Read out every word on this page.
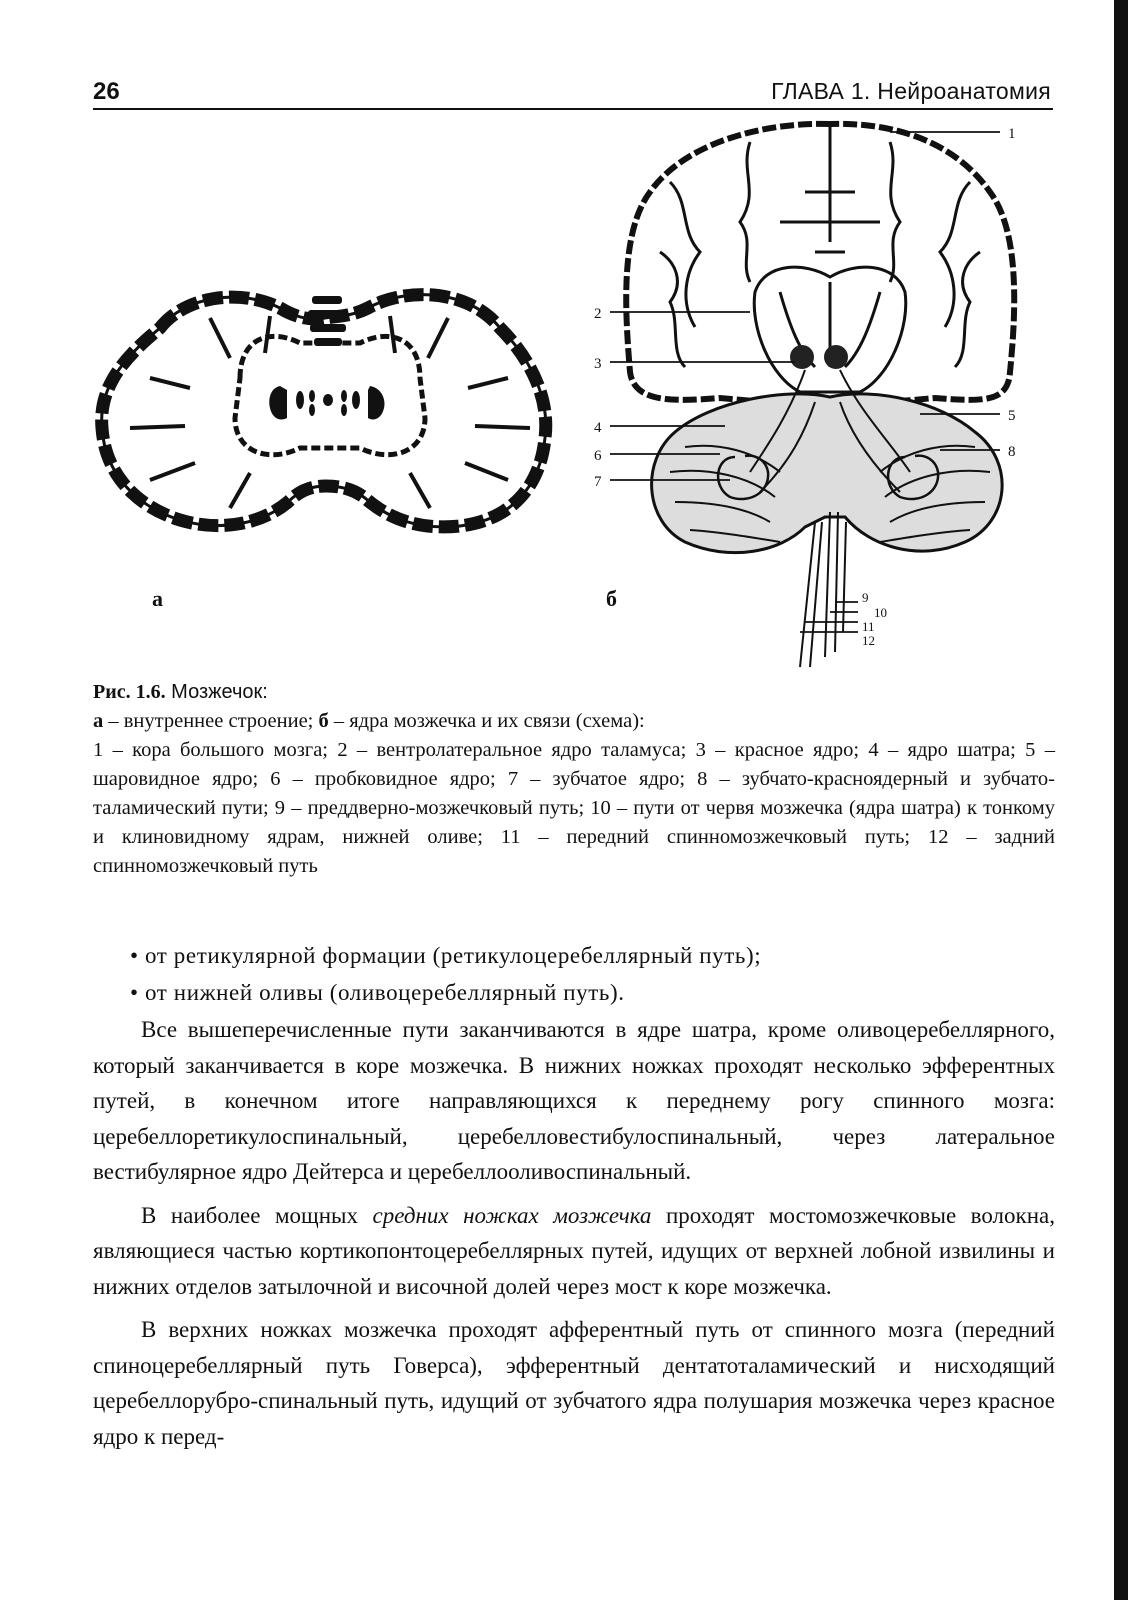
26	ГЛАВА 1. Нейроанатомия
а
1
2
3
4
5
6
7
8
9
10
11
12
б

Рис. 1.6. Мозжечок:

а – внутреннее строение; б – ядра мозжечка и их связи (схема):

1 – кора большого мозга; 2 – вентролатеральное ядро таламуса; 3 – красное ядро; 4 – ядро шатра; 5 – шаровидное ядро; 6 – пробковидное ядро; 7 – зубчатое ядро; 8 – зубчато-красноядерный и зубчато-таламический пути; 9 – преддверно-мозжечковый путь; 10 – пути от червя мозжечка (ядра шатра) к тонкому и клиновидному ядрам, нижней оливе; 11 – передний спинномозжечковый путь; 12 – задний спинномозжечковый путь

• от ретикулярной формации (ретикулоцеребеллярный путь);
• от нижней оливы (оливоцеребеллярный путь).

Все вышеперечисленные пути заканчиваются в ядре шатра, кроме оливоцеребеллярного, который заканчивается в коре мозжечка. В нижних ножках проходят несколько эфферентных путей, в конечном итоге направляющихся к переднему рогу спинного мозга: церебеллоретикулоспинальный, церебелловестибулоспинальный, через латеральное вестибулярное ядро Дейтерса и церебеллооливоспинальный.

В наиболее мощных средних ножках мозжечка проходят мостомозжечковые волокна, являющиеся частью кортикопонтоцеребеллярных путей, идущих от верхней лобной извилины и нижних отделов затылочной и височной долей через мост к коре мозжечка.

В верхних ножках мозжечка проходят афферентный путь от спинного мозга (передний спиноцеребеллярный путь Говерса), эфферентный дентатоталамический и нисходящий церебеллорубро-спинальный путь, идущий от зубчатого ядра полушария мозжечка через красное ядро к перед-
